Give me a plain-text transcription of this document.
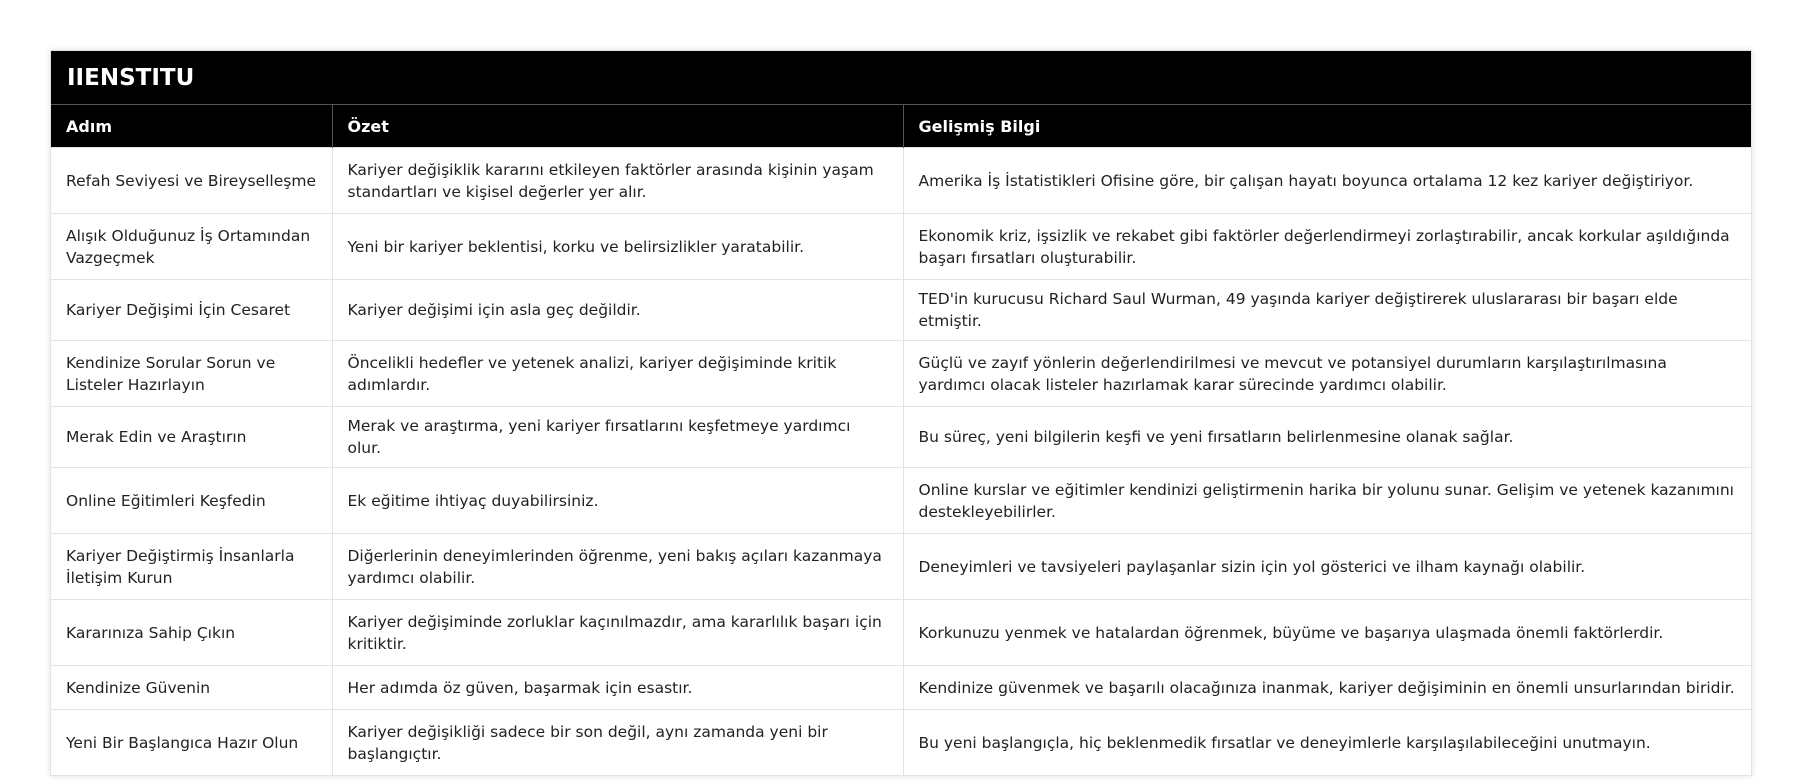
IIENSTITU
Adım	Özet	Gelişmiş Bilgi
Refah Seviyesi ve Bireyselleşme	Kariyer değişiklik kararını etkileyen faktörler arasında kişinin yaşam standartları ve kişisel değerler yer alır.	Amerika İş İstatistikleri Ofisine göre, bir çalışan hayatı boyunca ortalama 12 kez kariyer değiştiriyor.
Alışık Olduğunuz İş Ortamından Vazgeçmek	Yeni bir kariyer beklentisi, korku ve belirsizlikler yaratabilir.	Ekonomik kriz, işsizlik ve rekabet gibi faktörler değerlendirmeyi zorlaştırabilir, ancak korkular aşıldığında başarı fırsatları oluşturabilir.
Kariyer Değişimi İçin Cesaret	Kariyer değişimi için asla geç değildir.	TED'in kurucusu Richard Saul Wurman, 49 yaşında kariyer değiştirerek uluslararası bir başarı elde etmiştir.
Kendinize Sorular Sorun ve Listeler Hazırlayın	Öncelikli hedefler ve yetenek analizi, kariyer değişiminde kritik adımlardır.	Güçlü ve zayıf yönlerin değerlendirilmesi ve mevcut ve potansiyel durumların karşılaştırılmasına yardımcı olacak listeler hazırlamak karar sürecinde yardımcı olabilir.
Merak Edin ve Araştırın	Merak ve araştırma, yeni kariyer fırsatlarını keşfetmeye yardımcı olur.	Bu süreç, yeni bilgilerin keşfi ve yeni fırsatların belirlenmesine olanak sağlar.
Online Eğitimleri Keşfedin	Ek eğitime ihtiyaç duyabilirsiniz.	Online kurslar ve eğitimler kendinizi geliştirmenin harika bir yolunu sunar. Gelişim ve yetenek kazanımını destekleyebilirler.
Kariyer Değiştirmiş İnsanlarla İletişim Kurun	Diğerlerinin deneyimlerinden öğrenme, yeni bakış açıları kazanmaya yardımcı olabilir.	Deneyimleri ve tavsiyeleri paylaşanlar sizin için yol gösterici ve ilham kaynağı olabilir.
Kararınıza Sahip Çıkın	Kariyer değişiminde zorluklar kaçınılmazdır, ama kararlılık başarı için kritiktir.	Korkunuzu yenmek ve hatalardan öğrenmek, büyüme ve başarıya ulaşmada önemli faktörlerdir.
Kendinize Güvenin	Her adımda öz güven, başarmak için esastır.	Kendinize güvenmek ve başarılı olacağınıza inanmak, kariyer değişiminin en önemli unsurlarından biridir.
Yeni Bir Başlangıca Hazır Olun	Kariyer değişikliği sadece bir son değil, aynı zamanda yeni bir başlangıçtır.	Bu yeni başlangıçla, hiç beklenmedik fırsatlar ve deneyimlerle karşılaşılabileceğini unutmayın.
